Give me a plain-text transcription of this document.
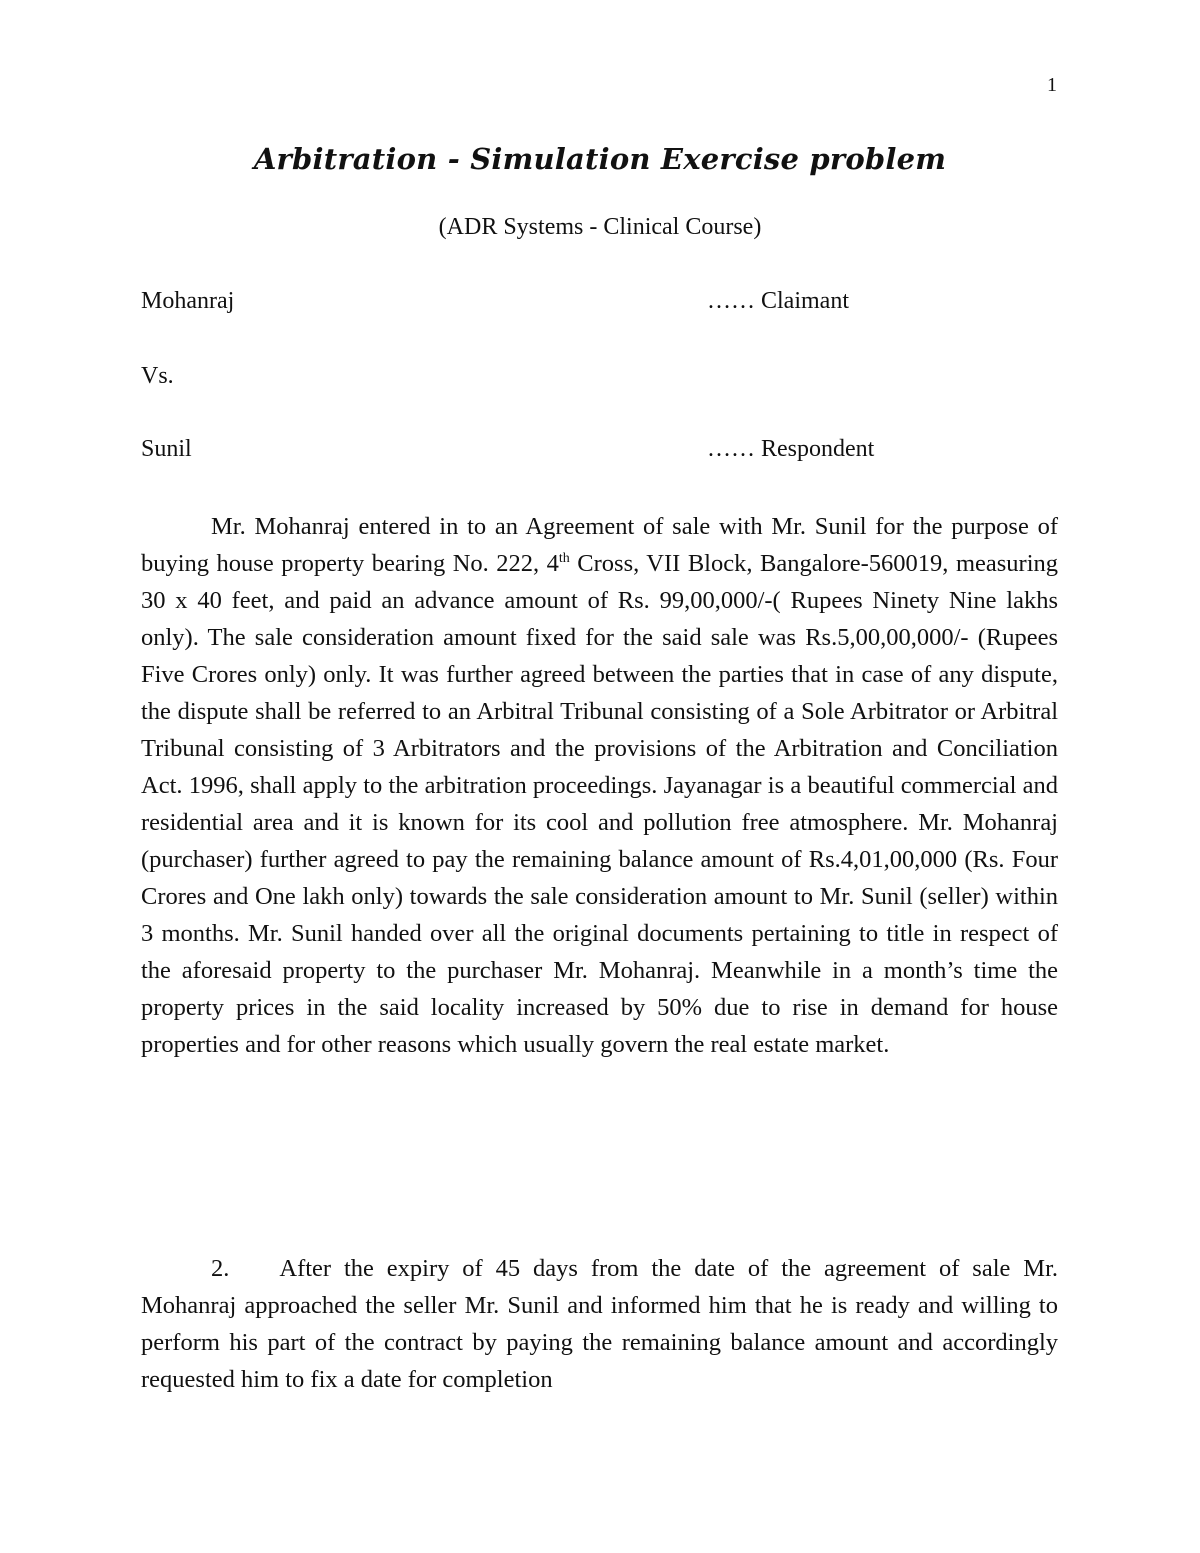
1
Arbitration - Simulation Exercise problem
(ADR Systems - Clinical Course)
Mohanraj	…… Claimant
Vs.
Sunil	…… Respondent
Mr. Mohanraj entered in to an Agreement of sale with Mr. Sunil for the purpose of buying house property bearing No. 222, 4th Cross, VII Block, Bangalore-560019, measuring 30 x 40 feet, and paid an advance amount of Rs. 99,00,000/-( Rupees Ninety Nine lakhs only). The sale consideration amount fixed for the said sale was Rs.5,00,00,000/- (Rupees Five Crores only) only. It was further agreed between the parties that in case of any dispute, the dispute shall be referred to an Arbitral Tribunal consisting of a Sole Arbitrator or Arbitral Tribunal consisting of 3 Arbitrators and the provisions of the Arbitration and Conciliation Act. 1996, shall apply to the arbitration proceedings. Jayanagar is a beautiful commercial and residential area and it is known for its cool and pollution free atmosphere. Mr. Mohanraj (purchaser) further agreed to pay the remaining balance amount of Rs.4,01,00,000 (Rs. Four Crores and One lakh only) towards the sale consideration amount to Mr. Sunil (seller) within 3 months. Mr. Sunil handed over all the original documents pertaining to title in respect of the aforesaid property to the purchaser Mr. Mohanraj. Meanwhile in a month’s time the property prices in the said locality increased by 50% due to rise in demand for house properties and for other reasons which usually govern the real estate market.
2. After the expiry of 45 days from the date of the agreement of sale Mr. Mohanraj approached the seller Mr. Sunil and informed him that he is ready and willing to perform his part of the contract by paying the remaining balance amount and accordingly requested him to fix a date for completion
